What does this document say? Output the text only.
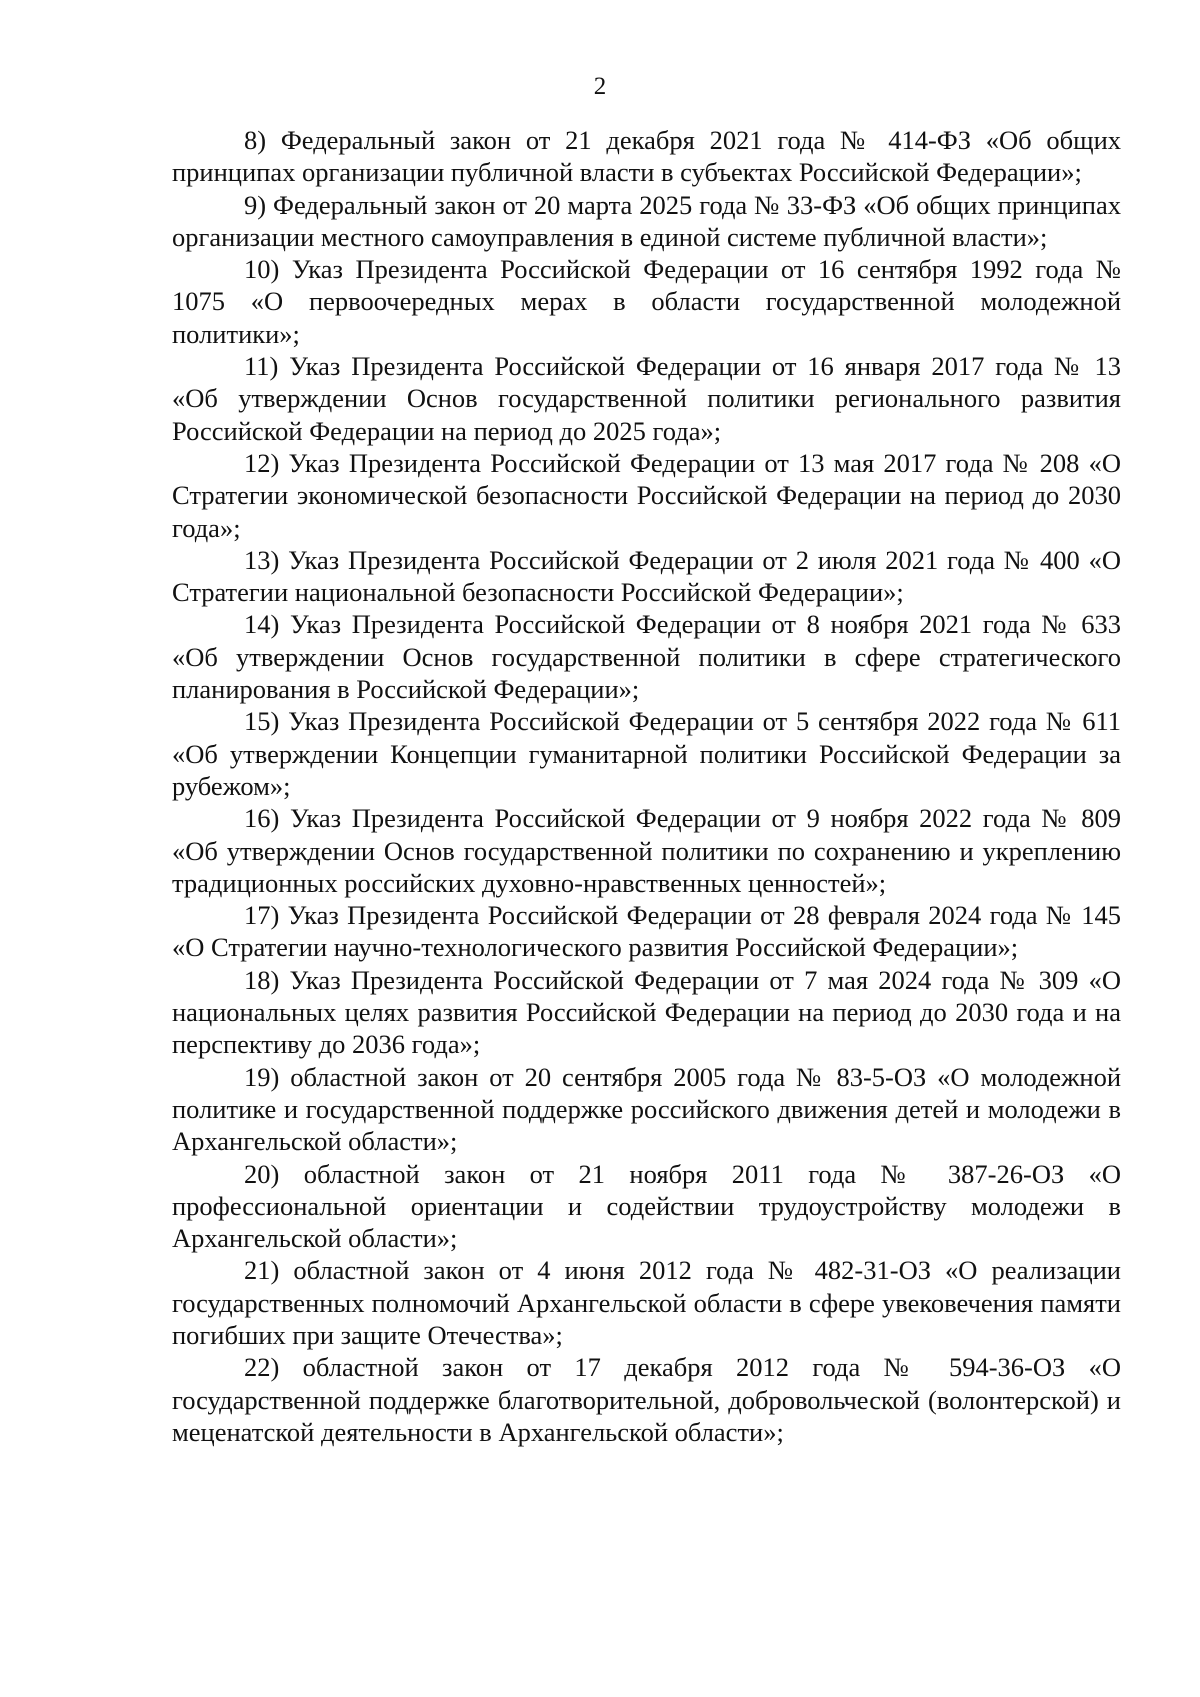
2

8) Федеральный закон от 21 декабря 2021 года № 414-ФЗ «Об общих принципах организации публичной власти в субъектах Российской Федерации»;

9) Федеральный закон от 20 марта 2025 года № 33-ФЗ «Об общих принципах организации местного самоуправления в единой системе публичной власти»;

10) Указ Президента Российской Федерации от 16 сентября 1992 года № 1075 «О первоочередных мерах в области государственной молодежной политики»;

11) Указ Президента Российской Федерации от 16 января 2017 года № 13 «Об утверждении Основ государственной политики регионального развития Российской Федерации на период до 2025 года»;

12) Указ Президента Российской Федерации от 13 мая 2017 года № 208 «О Стратегии экономической безопасности Российской Федерации на период до 2030 года»;

13) Указ Президента Российской Федерации от 2 июля 2021 года № 400 «О Стратегии национальной безопасности Российской Федерации»;

14) Указ Президента Российской Федерации от 8 ноября 2021 года № 633 «Об утверждении Основ государственной политики в сфере стратегического планирования в Российской Федерации»;

15) Указ Президента Российской Федерации от 5 сентября 2022 года № 611 «Об утверждении Концепции гуманитарной политики Российской Федерации за рубежом»;

16) Указ Президента Российской Федерации от 9 ноября 2022 года № 809 «Об утверждении Основ государственной политики по сохранению и укреплению традиционных российских духовно-нравственных ценностей»;

17) Указ Президента Российской Федерации от 28 февраля 2024 года № 145 «О Стратегии научно-технологического развития Российской Федерации»;

18) Указ Президента Российской Федерации от 7 мая 2024 года № 309 «О национальных целях развития Российской Федерации на период до 2030 года и на перспективу до 2036 года»;

19) областной закон от 20 сентября 2005 года № 83-5-ОЗ «О молодежной политике и государственной поддержке российского движения детей и молодежи в Архангельской области»;

20) областной закон от 21 ноября 2011 года № 387-26-ОЗ «О профессиональной ориентации и содействии трудоустройству молодежи в Архангельской области»;

21) областной закон от 4 июня 2012 года № 482-31-ОЗ «О реализации государственных полномочий Архангельской области в сфере увековечения памяти погибших при защите Отечества»;

22) областной закон от 17 декабря 2012 года № 594-36-ОЗ «О государственной поддержке благотворительной, добровольческой (волонтерской) и меценатской деятельности в Архангельской области»;
